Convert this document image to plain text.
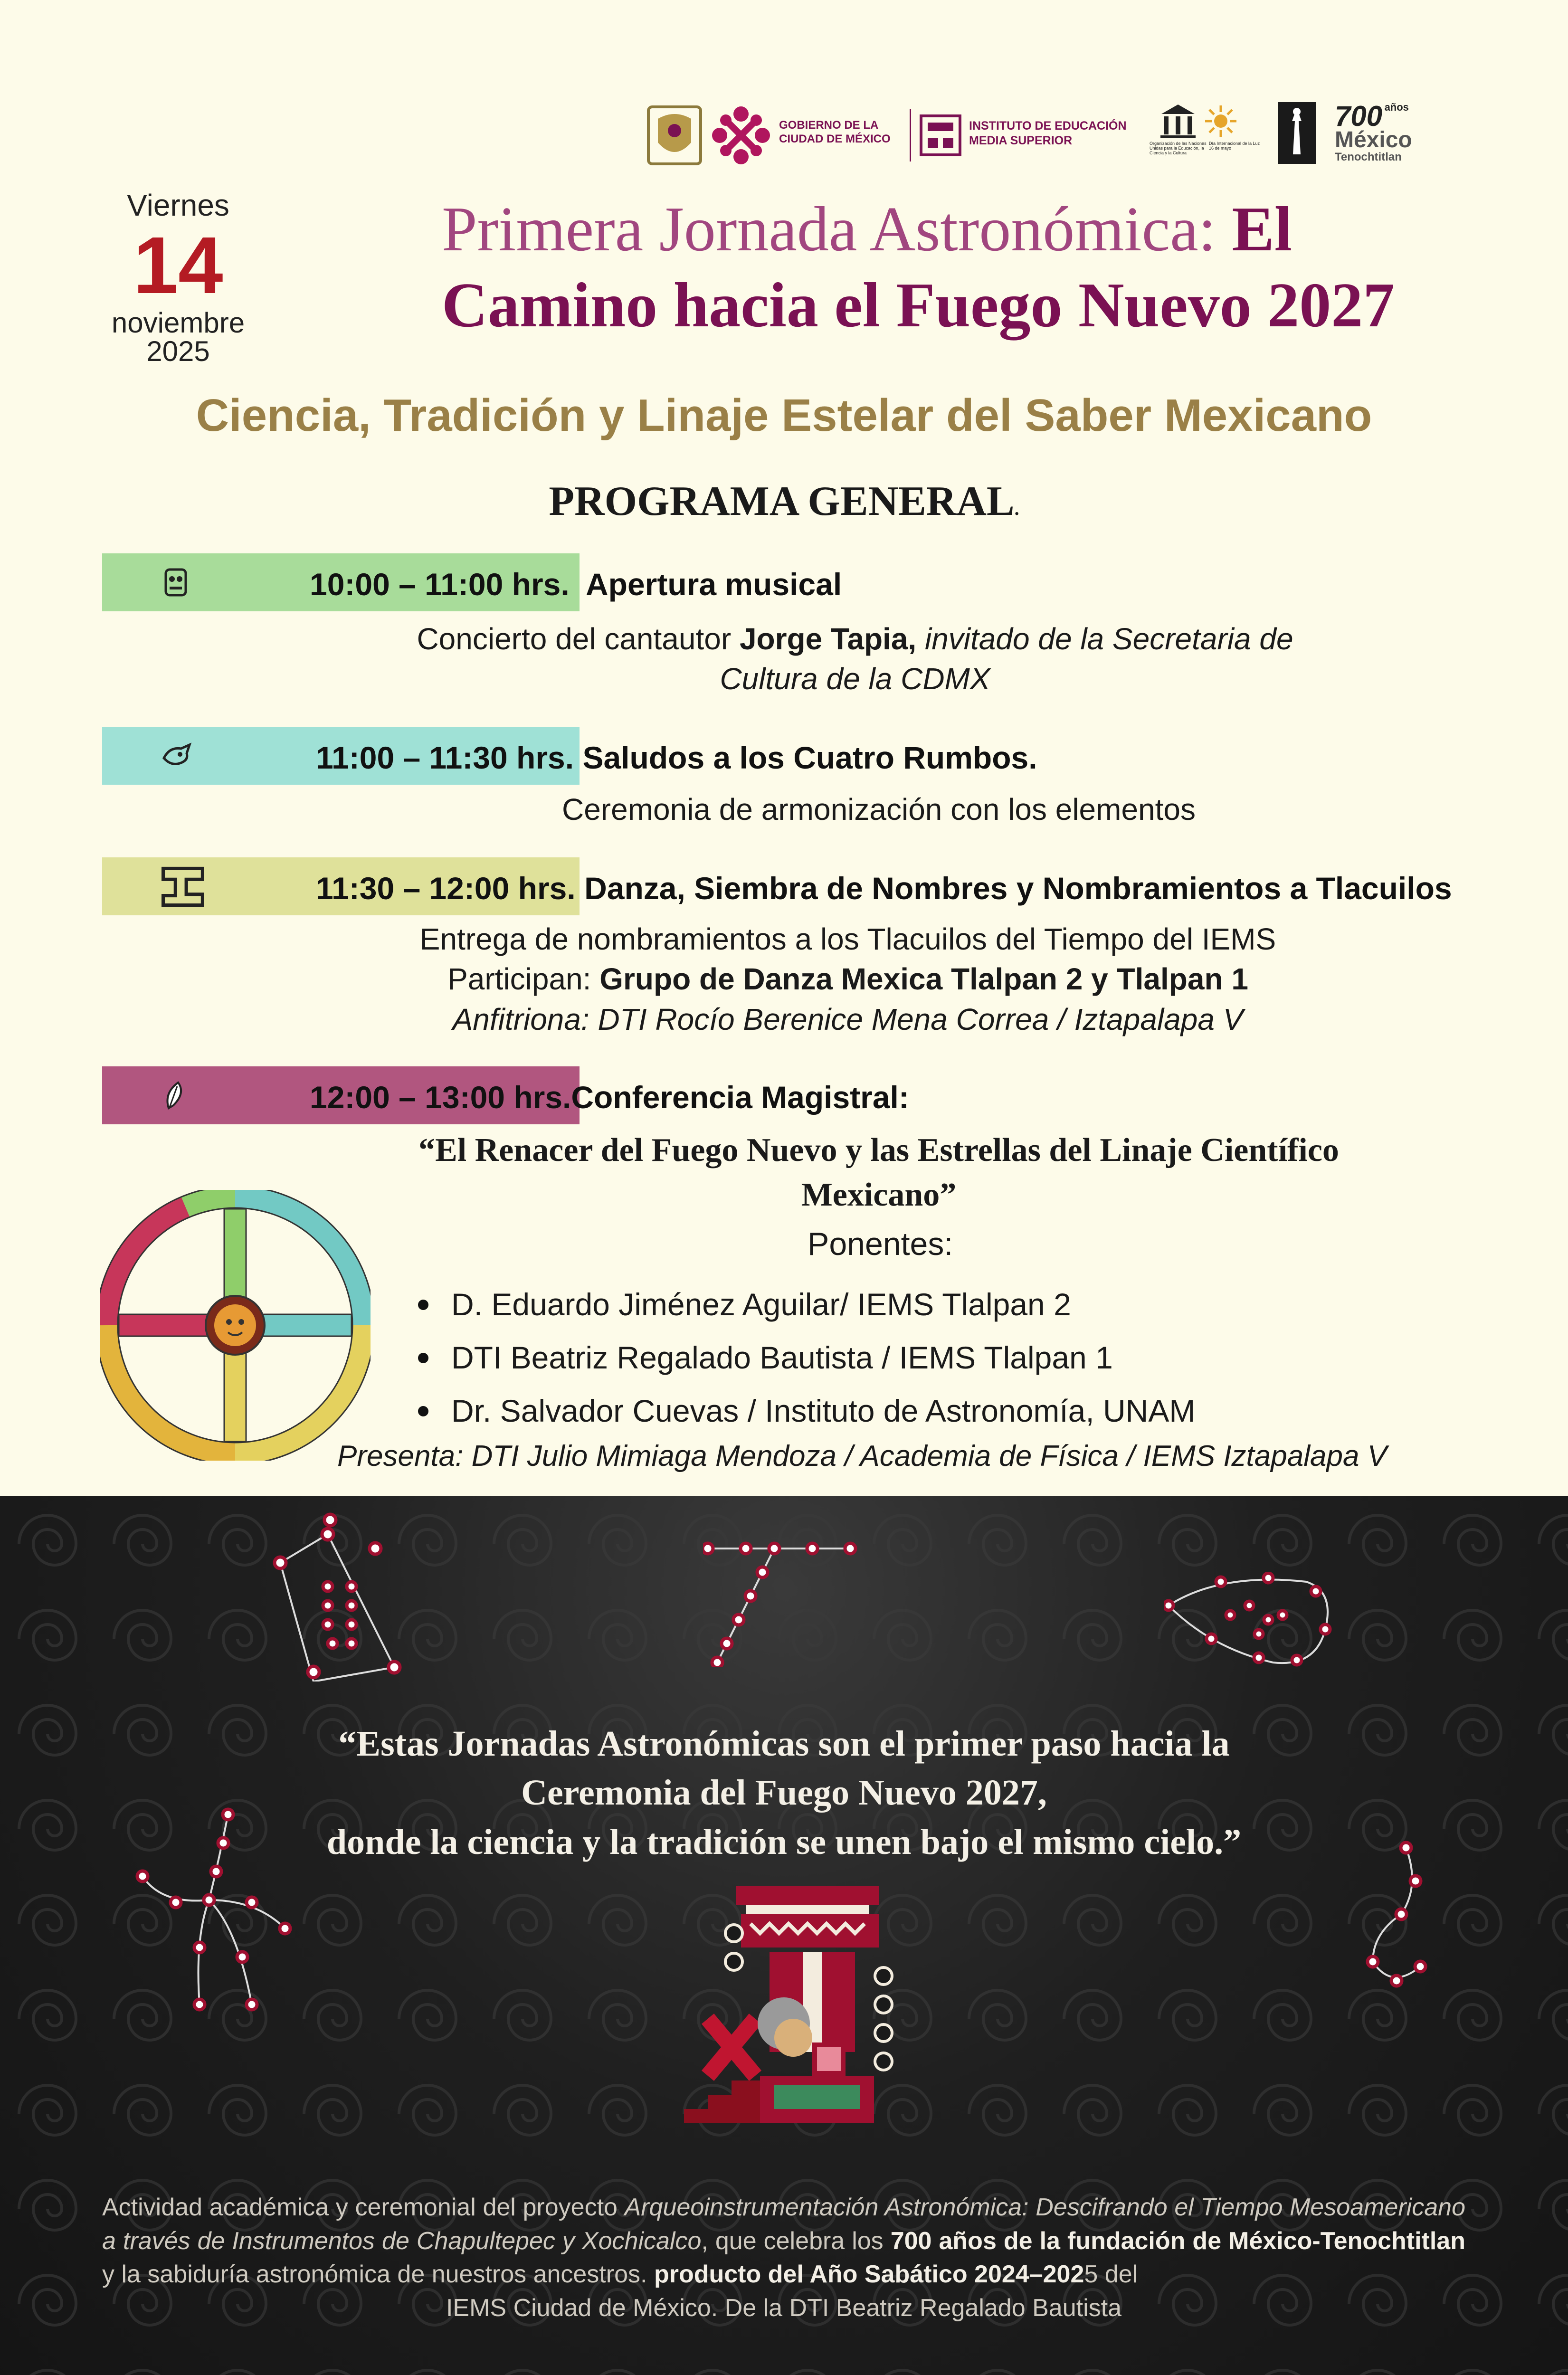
GOBIERNO DE LA CIUDAD DE MÉXICO
INSTITUTO DE EDUCACIÓN
MEDIA SUPERIOR	Organización de las Naciones Unidas para la Educación, la Ciencia y la Cultura
Día Internacional de la Luz 16 de mayo
700 años
México
Tenochtitlan
Viernes
14
noviembre 2025
Primera Jornada Astronómica: El
Camino hacia el Fuego Nuevo 2027
Ciencia, Tradición y Linaje Estelar del Saber Mexicano
PROGRAMA GENERAL.
10:00 – 11:00 hrs. Apertura musical
Concierto del cantautor Jorge Tapia, invitado de la Secretaria de
Cultura de la CDMX
11:00 – 11:30 hrs. Saludos a los Cuatro Rumbos.
Ceremonia de armonización con los elementos
11:30 – 12:00 hrs. Danza, Siembra de Nombres y Nombramientos a Tlacuilos
Entrega de nombramientos a los Tlacuilos del Tiempo del IEMS
Participan: Grupo de Danza Mexica Tlalpan 2 y Tlalpan 1
Anfitriona: DTI Rocío Berenice Mena Correa / Iztapalapa V
12:00 – 13:00 hrs.Conferencia Magistral:
“El Renacer del Fuego Nuevo y las Estrellas del Linaje Científico
Mexicano”
Ponentes:
D. Eduardo Jiménez Aguilar/ IEMS Tlalpan 2
DTI Beatriz Regalado Bautista / IEMS Tlalpan 1
Dr. Salvador Cuevas / Instituto de Astronomía, UNAM
Presenta: DTI Julio Mimiaga Mendoza / Academia de Física / IEMS Iztapalapa V
“Estas Jornadas Astronómicas son el primer paso hacia la
Ceremonia del Fuego Nuevo 2027,
donde la ciencia y la tradición se unen bajo el mismo cielo.”
Actividad académica y ceremonial del proyecto Arqueoinstrumentación Astronómica: Descifrando el Tiempo Mesoamericano a través de Instrumentos de Chapultepec y Xochicalco, que celebra los 700 años de la fundación de México-Tenochtitlan y la sabiduría astronómica de nuestros ancestros. producto del Año Sabático 2024–2025 del
IEMS Ciudad de México. De la DTI Beatriz Regalado Bautista
